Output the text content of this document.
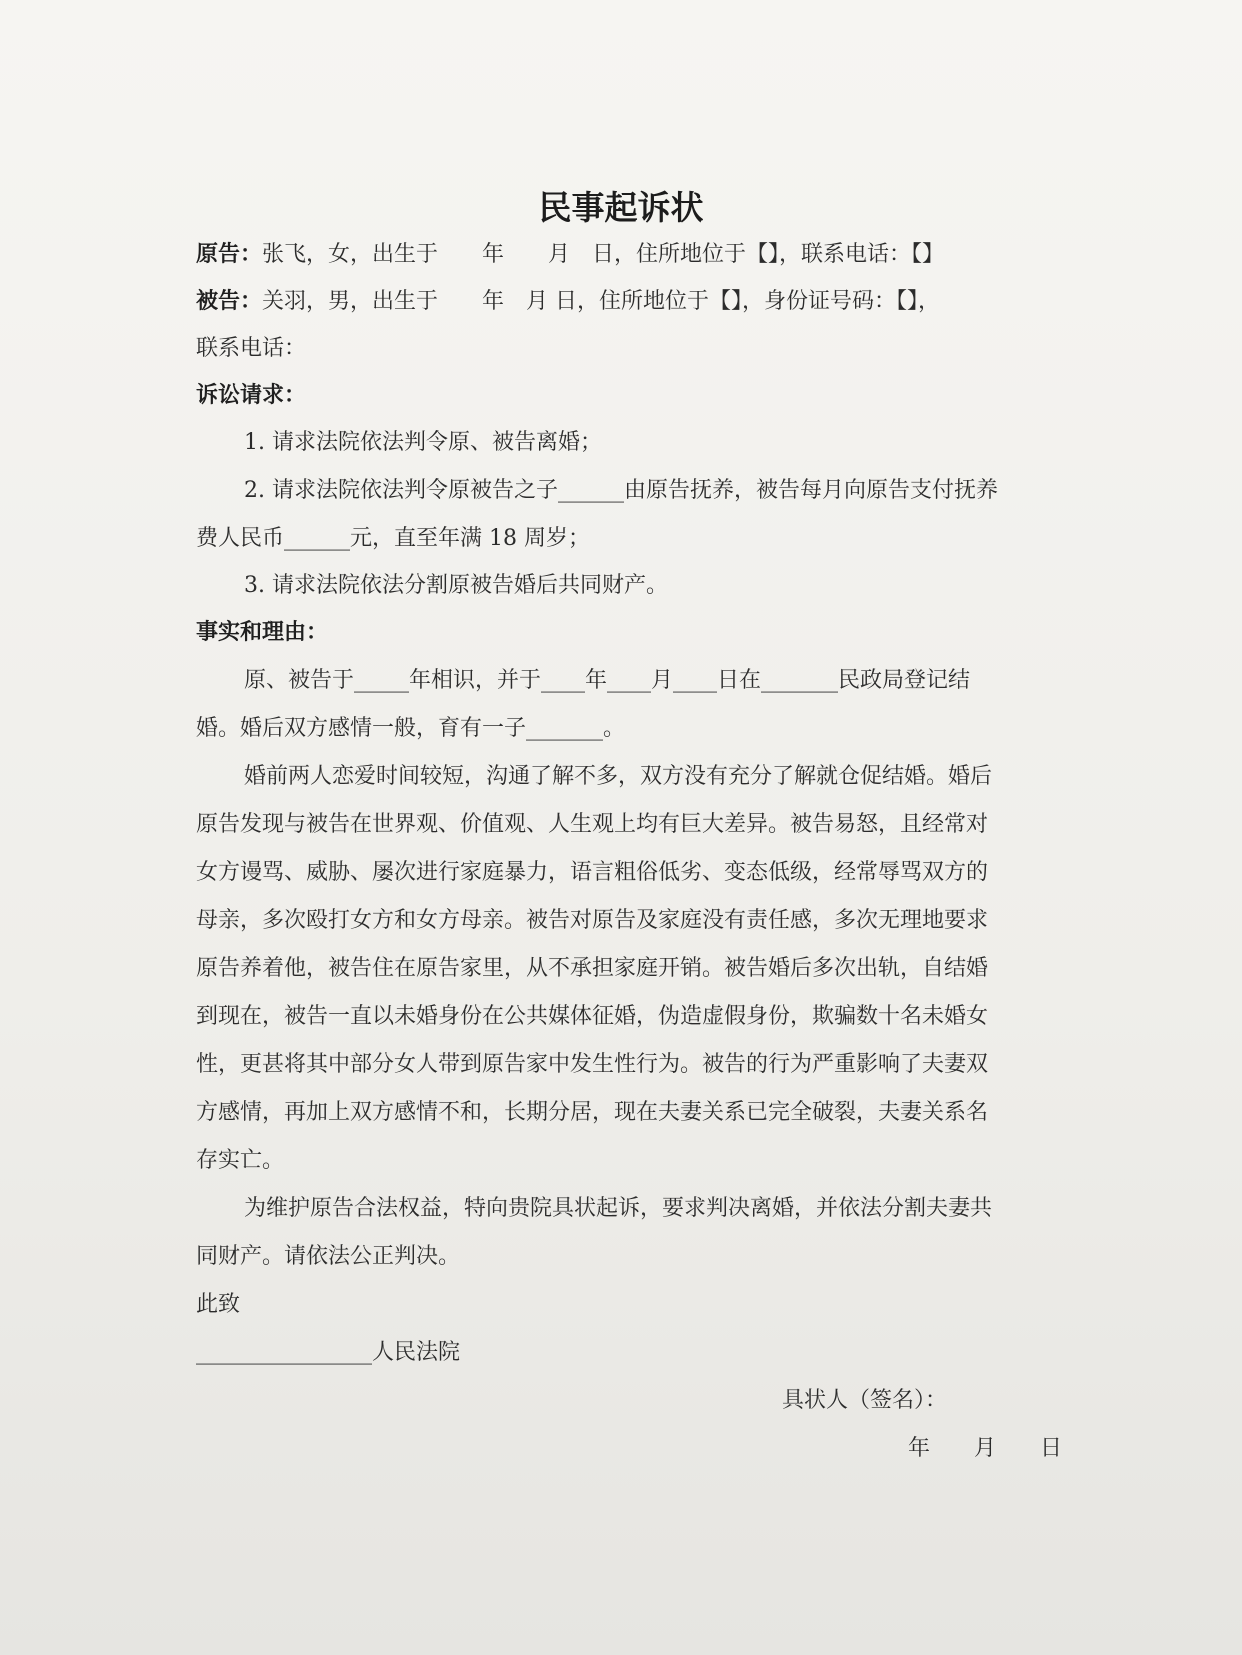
民事起诉状
原告：张飞，女，出生于　　年　　月　日，住所地位于【】，联系电话：【】
被告：关羽，男，出生于　　年　月 日，住所地位于【】，身份证号码：【】，
联系电话：
诉讼请求：
1. 请求法院依法判令原、被告离婚；
2. 请求法院依法判令原被告之子______由原告抚养，被告每月向原告支付抚养
费人民币______元，直至年满 18 周岁；
3. 请求法院依法分割原被告婚后共同财产。
事实和理由：
原、被告于_____年相识，并于____年____月____日在_______民政局登记结
婚。婚后双方感情一般，育有一子_______。
婚前两人恋爱时间较短，沟通了解不多，双方没有充分了解就仓促结婚。婚后
原告发现与被告在世界观、价值观、人生观上均有巨大差异。被告易怒，且经常对
女方谩骂、威胁、屡次进行家庭暴力，语言粗俗低劣、变态低级，经常辱骂双方的
母亲，多次殴打女方和女方母亲。被告对原告及家庭没有责任感，多次无理地要求
原告养着他，被告住在原告家里，从不承担家庭开销。被告婚后多次出轨，自结婚
到现在，被告一直以未婚身份在公共媒体征婚，伪造虚假身份，欺骗数十名未婚女
性，更甚将其中部分女人带到原告家中发生性行为。被告的行为严重影响了夫妻双
方感情，再加上双方感情不和，长期分居，现在夫妻关系已完全破裂，夫妻关系名
存实亡。
为维护原告合法权益，特向贵院具状起诉，要求判决离婚，并依法分割夫妻共
同财产。请依法公正判决。
此致
________________人民法院
具状人（签名）：
年　　月　　日
